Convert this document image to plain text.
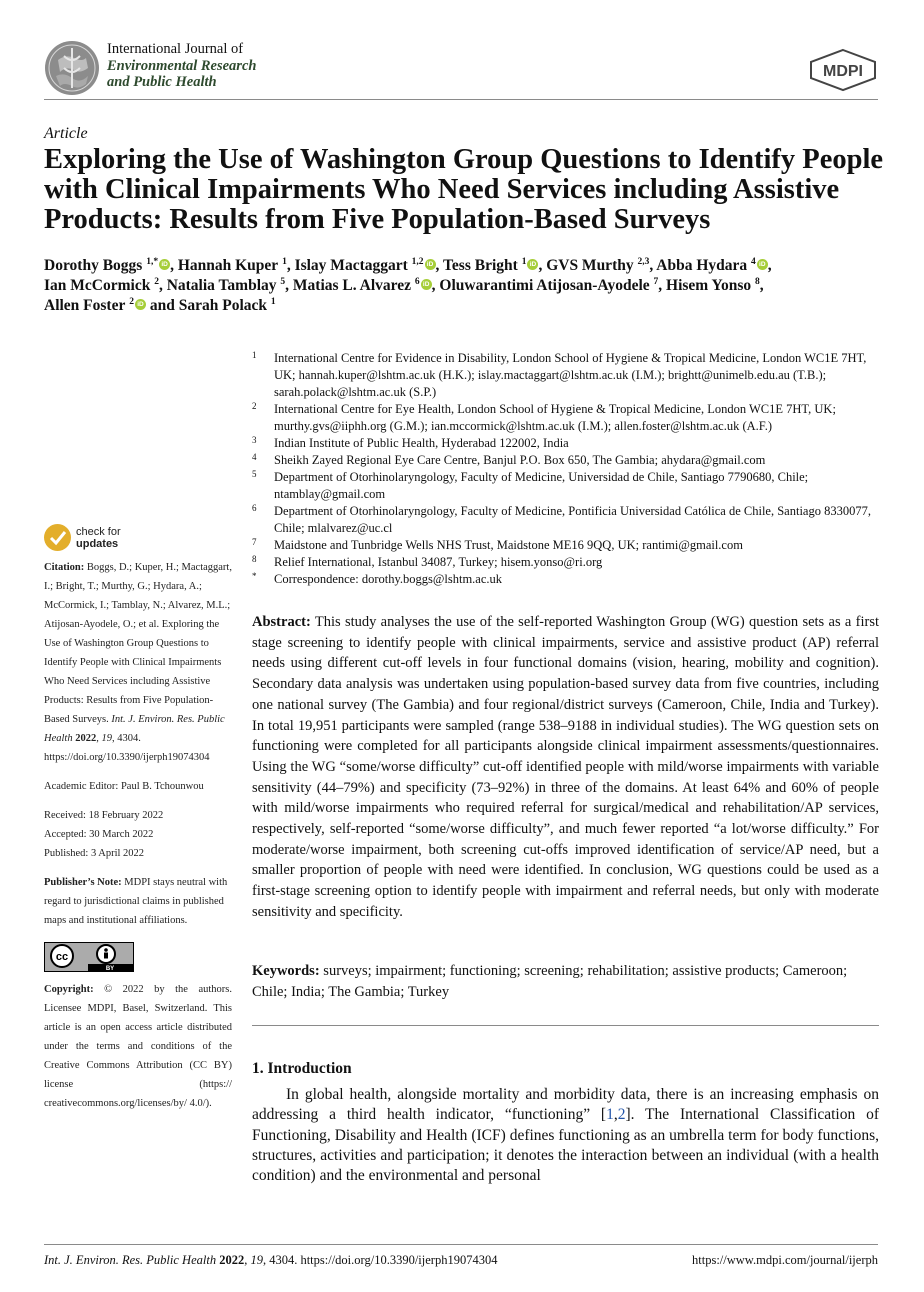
International Journal of
Environmental Research
and Public Health
MDPI
Article
Exploring the Use of Washington Group Questions to Identify People with Clinical Impairments Who Need Services including Assistive Products: Results from Five Population-Based Surveys
Dorothy Boggs $^{1,*}$ iD , Hannah Kuper $^1$, Islay Mactaggart $^{1,2}$ iD , Tess Bright $^1$ iD , GVS Murthy $^{2,3}$, Abba Hydara $^4$ iD ,
Ian McCormick $^2$, Natalia Tamblay $^5$, Matias L. Alvarez $^6$ iD , Oluwarantimi Atijosan-Ayodele $^7$, Hisem Yonso $^8$,
Allen Foster $^2$ iD and Sarah Polack $^1$
1 International Centre for Evidence in Disability, London School of Hygiene & Tropical Medicine, London WC1E 7HT, UK; hannah.kuper@lshtm.ac.uk (H.K.); islay.mactaggart@lshtm.ac.uk (I.M.); brightt@unimelb.edu.au (T.B.); sarah.polack@lshtm.ac.uk (S.P.)
2 International Centre for Eye Health, London School of Hygiene & Tropical Medicine, London WC1E 7HT, UK; murthy.gvs@iiphh.org (G.M.); ian.mccormick@lshtm.ac.uk (I.M.); allen.foster@lshtm.ac.uk (A.F.)
3 Indian Institute of Public Health, Hyderabad 122002, India
4 Sheikh Zayed Regional Eye Care Centre, Banjul P.O. Box 650, The Gambia; ahydara@gmail.com
5 Department of Otorhinolaryngology, Faculty of Medicine, Universidad de Chile, Santiago 7790680, Chile; ntamblay@gmail.com
6 Department of Otorhinolaryngology, Faculty of Medicine, Pontificia Universidad Católica de Chile, Santiago 8330077, Chile; mlalvarez@uc.cl
7 Maidstone and Tunbridge Wells NHS Trust, Maidstone ME16 9QQ, UK; rantimi@gmail.com
8 Relief International, Istanbul 34087, Turkey; hisem.yonso@ri.org
* Correspondence: dorothy.boggs@lshtm.ac.uk
check for
updates

Citation: Boggs, D.; Kuper, H.; Mactaggart, I.; Bright, T.; Murthy, G.; Hydara, A.; McCormick, I.; Tamblay, N.; Alvarez, M.L.; Atijosan-Ayodele, O.; et al. Exploring the Use of Washington Group Questions to Identify People with Clinical Impairments Who Need Services including Assistive Products: Results from Five Population-Based Surveys. Int. J. Environ. Res. Public Health 2022, 19, 4304. https://doi.org/10.3390/ijerph19074304

Academic Editor: Paul B. Tchounwou

Received: 18 February 2022
Accepted: 30 March 2022
Published: 3 April 2022

Publisher’s Note: MDPI stays neutral with regard to jurisdictional claims in published maps and institutional affiliations.

cc
BY

Copyright: © 2022 by the authors. Licensee MDPI, Basel, Switzerland. This article is an open access article distributed under the terms and conditions of the Creative Commons Attribution (CC BY) license (https:// creativecommons.org/licenses/by/ 4.0/).

Abstract: This study analyses the use of the self-reported Washington Group (WG) question sets as a first stage screening to identify people with clinical impairments, service and assistive product (AP) referral needs using different cut-off levels in four functional domains (vision, hearing, mobility and cognition). Secondary data analysis was undertaken using population-based survey data from five countries, including one national survey (The Gambia) and four regional/district surveys (Cameroon, Chile, India and Turkey). In total 19,951 participants were sampled (range 538–9188 in individual studies). The WG question sets on functioning were completed for all participants alongside clinical impairment assessments/questionnaires. Using the WG “some/worse difficulty” cut-off identified people with mild/worse impairments with variable sensitivity (44–79%) and specificity (73–92%) in three of the domains. At least 64% and 60% of people with mild/worse impairments who required referral for surgical/medical and rehabilitation/AP services, respectively, self-reported “some/worse difficulty”, and much fewer reported “a lot/worse difficulty.” For moderate/worse impairment, both screening cut-offs improved identification of service/AP need, but a smaller proportion of people with need were identified. In conclusion, WG questions could be used as a first-stage screening option to identify people with impairment and referral needs, but only with moderate sensitivity and specificity.

Keywords: surveys; impairment; functioning; screening; rehabilitation; assistive products; Cameroon; Chile; India; The Gambia; Turkey

1. Introduction

In global health, alongside mortality and morbidity data, there is an increasing emphasis on addressing a third health indicator, “functioning” [1,2]. The International Classification of Functioning, Disability and Health (ICF) defines functioning as an umbrella term for body functions, structures, activities and participation; it denotes the interaction between an individual (with a health condition) and the environmental and personal

Int. J. Environ. Res. Public Health 2022, 19, 4304. https://doi.org/10.3390/ijerph19074304	https://www.mdpi.com/journal/ijerph
